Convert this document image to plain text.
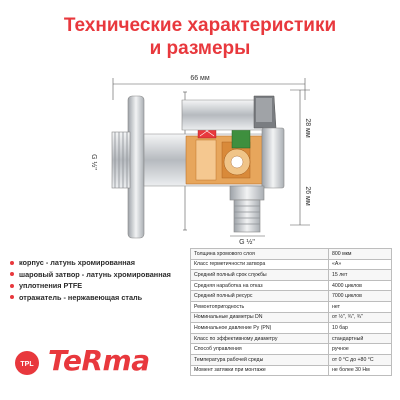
Технические характеристики
и размеры
66 мм
28 мм
26 мм
G ½"
G ½"
корпус - латунь хромированная
шаровый затвор - латунь хромированная
уплотнения PTFE
отражатель - нержавеющая сталь
TPL TeRma
Толщина хромового слоя	800 мкм
Класс герметичности затвора	«А»
Средний полный срок службы	15 лет
Средняя наработка на отказ	4000 циклов
Средний полный ресурс	7000 циклов
Ремонтопригодность	нет
Номинальные диаметры DN	от ½", ¾", ¾"
Номинальное давление Py (PN)	10 бар
Класс по эффективному диаметру	стандартный
Способ управления	ручное
Температура рабочей среды	от 0 °С до +80 °С
Момент затяжки при монтаже	не более 30 Нм
